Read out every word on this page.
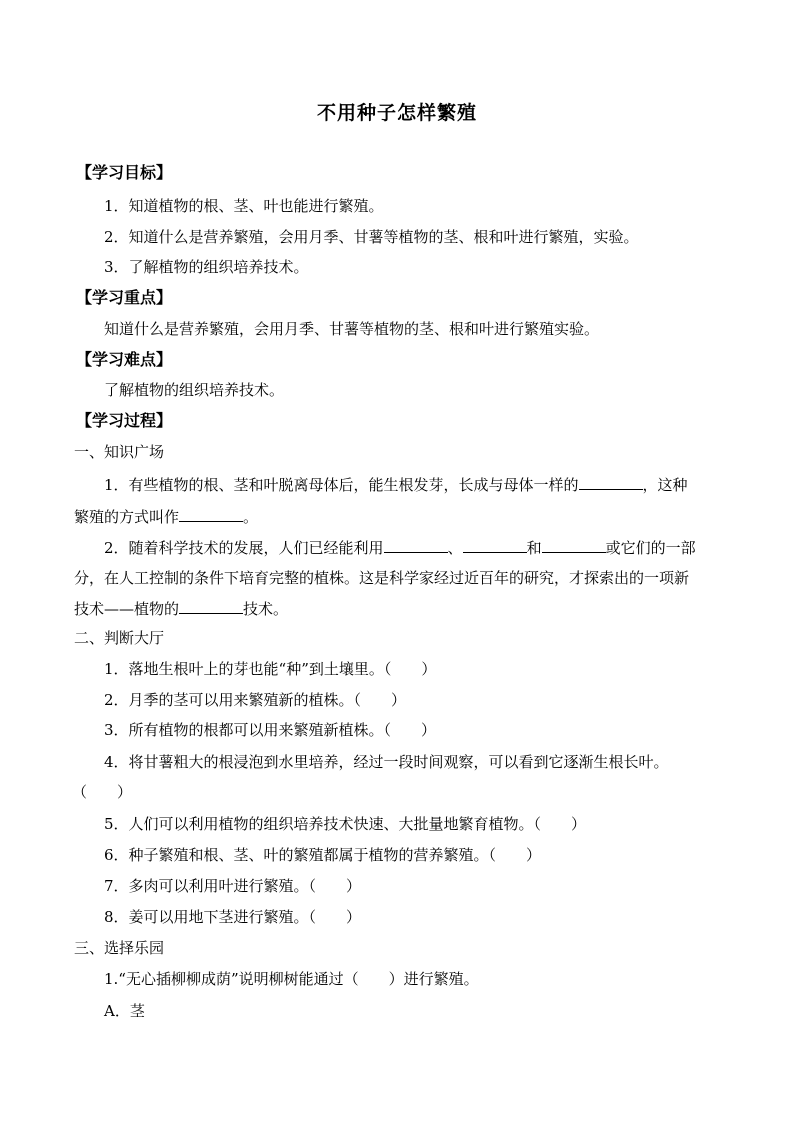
不用种子怎样繁殖
【学习目标】
1．知道植物的根、茎、叶也能进行繁殖。
2．知道什么是营养繁殖，会用月季、甘薯等植物的茎、根和叶进行繁殖，实验。
3．了解植物的组织培养技术。
【学习重点】
知道什么是营养繁殖，会用月季、甘薯等植物的茎、根和叶进行繁殖实验。
【学习难点】
了解植物的组织培养技术。
【学习过程】
一、知识广场
1．有些植物的根、茎和叶脱离母体后，能生根发芽，长成与母体一样的	，这种
繁殖的方式叫作	。
2．随着科学技术的发展，人们已经能利用	、	和	或它们的一部
分，在人工控制的条件下培育完整的植株。这是科学家经过近百年的研究，才探索出的一项新
技术——植物的	技术。
二、判断大厅
1．落地生根叶上的芽也能“种”到土壤里。（　　）
2．月季的茎可以用来繁殖新的植株。（　　）
3．所有植物的根都可以用来繁殖新植株。（　　）
4．将甘薯粗大的根浸泡到水里培养，经过一段时间观察，可以看到它逐渐生根长叶。
（　　）
5．人们可以利用植物的组织培养技术快速、大批量地繁育植物。（　　）
6．种子繁殖和根、茎、叶的繁殖都属于植物的营养繁殖。（　　）
7．多肉可以利用叶进行繁殖。（　　）
8．姜可以用地下茎进行繁殖。（　　）
三、选择乐园
1.“无心插柳柳成荫”说明柳树能通过（　　）进行繁殖。
A．茎
